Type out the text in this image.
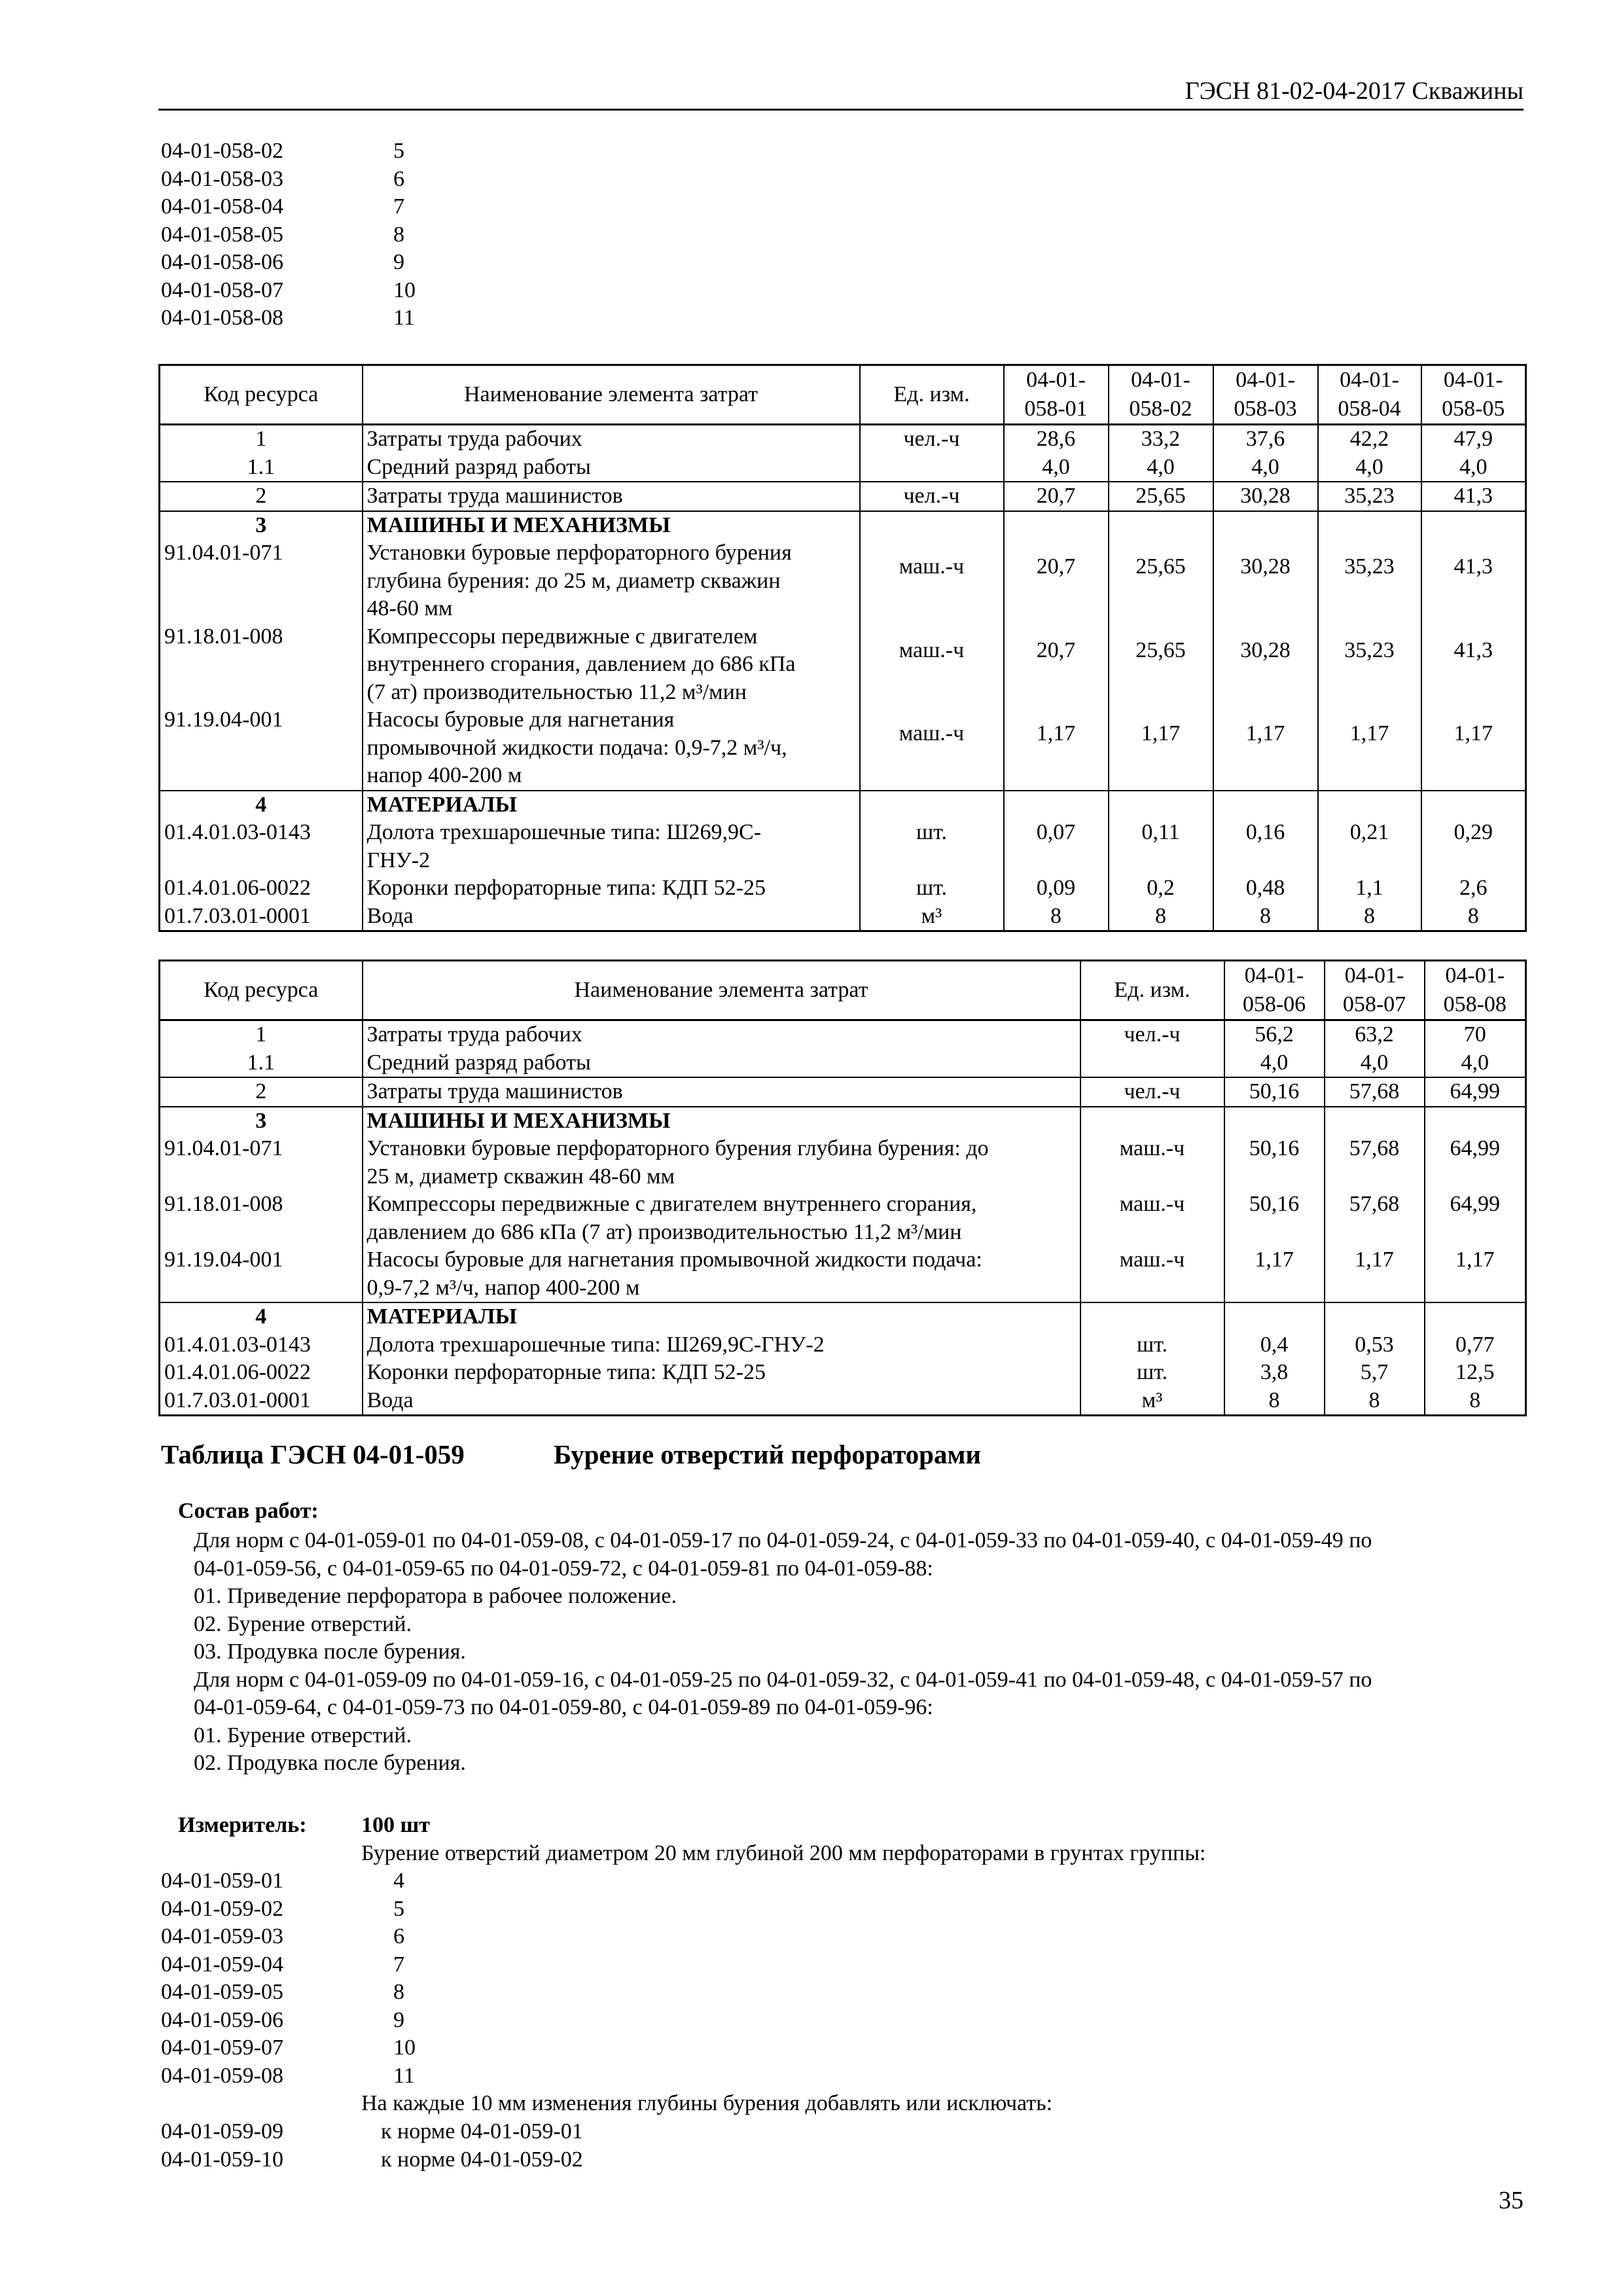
ГЭСН 81-02-04-2017 Скважины
04-01-058-02	5
04-01-058-03	6
04-01-058-04	7
04-01-058-05	8
04-01-058-06	9
04-01-058-07	10
04-01-058-08	11
Код ресурса	Наименование элемента затрат	Ед. изм.	04-01-
058-01	04-01-
058-02	04-01-
058-03	04-01-
058-04	04-01-
058-05
1	Затраты труда рабочих	чел.-ч	28,6	33,2	37,6	42,2	47,9
1.1	Средний разряд работы		4,0	4,0	4,0	4,0	4,0
2	Затраты труда машинистов	чел.-ч	20,7	25,65	30,28	35,23	41,3
3	МАШИНЫ И МЕХАНИЗМЫ						
91.04.01-071	Установки буровые перфораторного бурения
глубина бурения: до 25 м, диаметр скважин
48-60 мм	маш.-ч	20,7	25,65	30,28	35,23	41,3
91.18.01-008	Компрессоры передвижные с двигателем
внутреннего сгорания, давлением до 686 кПа
(7 ат) производительностью 11,2 м³/мин	маш.-ч	20,7	25,65	30,28	35,23	41,3
91.19.04-001	Насосы буровые для нагнетания
промывочной жидкости подача: 0,9-7,2 м³/ч,
напор 400-200 м	маш.-ч	1,17	1,17	1,17	1,17	1,17
4	МАТЕРИАЛЫ						
01.4.01.03-0143	Долота трехшарошечные типа: Ш269,9С-
ГНУ-2	шт.	0,07	0,11	0,16	0,21	0,29
01.4.01.06-0022	Коронки перфораторные типа: КДП 52-25	шт.	0,09	0,2	0,48	1,1	2,6
01.7.03.01-0001	Вода	м³	8	8	8	8	8
Код ресурса	Наименование элемента затрат	Ед. изм.	04-01-
058-06	04-01-
058-07	04-01-
058-08
1	Затраты труда рабочих	чел.-ч	56,2	63,2	70
1.1	Средний разряд работы		4,0	4,0	4,0
2	Затраты труда машинистов	чел.-ч	50,16	57,68	64,99
3	МАШИНЫ И МЕХАНИЗМЫ				
91.04.01-071	Установки буровые перфораторного бурения глубина бурения: до
25 м, диаметр скважин 48-60 мм	маш.-ч	50,16	57,68	64,99
91.18.01-008	Компрессоры передвижные с двигателем внутреннего сгорания,
давлением до 686 кПа (7 ат) производительностью 11,2 м³/мин	маш.-ч	50,16	57,68	64,99
91.19.04-001	Насосы буровые для нагнетания промывочной жидкости подача:
0,9-7,2 м³/ч, напор 400-200 м	маш.-ч	1,17	1,17	1,17
4	МАТЕРИАЛЫ				
01.4.01.03-0143	Долота трехшарошечные типа: Ш269,9С-ГНУ-2	шт.	0,4	0,53	0,77
01.4.01.06-0022	Коронки перфораторные типа: КДП 52-25	шт.	3,8	5,7	12,5
01.7.03.01-0001	Вода	м³	8	8	8
Таблица ГЭСН 04-01-059	Бурение отверстий перфораторами
Состав работ:

Для норм с 04-01-059-01 по 04-01-059-08, с 04-01-059-17 по 04-01-059-24, с 04-01-059-33 по 04-01-059-40, с 04-01-059-49 по

04-01-059-56, с 04-01-059-65 по 04-01-059-72, с 04-01-059-81 по 04-01-059-88:

01. Приведение перфоратора в рабочее положение.

02. Бурение отверстий.

03. Продувка после бурения.

Для норм с 04-01-059-09 по 04-01-059-16, с 04-01-059-25 по 04-01-059-32, с 04-01-059-41 по 04-01-059-48, с 04-01-059-57 по

04-01-059-64, с 04-01-059-73 по 04-01-059-80, с 04-01-059-89 по 04-01-059-96:

01. Бурение отверстий.

02. Продувка после бурения.

Измеритель: 100 шт
Бурение отверстий диаметром 20 мм глубиной 200 мм перфораторами в грунтах группы:
04-01-059-01	4
04-01-059-02	5
04-01-059-03	6
04-01-059-04	7
04-01-059-05	8
04-01-059-06	9
04-01-059-07	10
04-01-059-08	11
На каждые 10 мм изменения глубины бурения добавлять или исключать:
04-01-059-09	к норме 04-01-059-01
04-01-059-10	к норме 04-01-059-02
35
